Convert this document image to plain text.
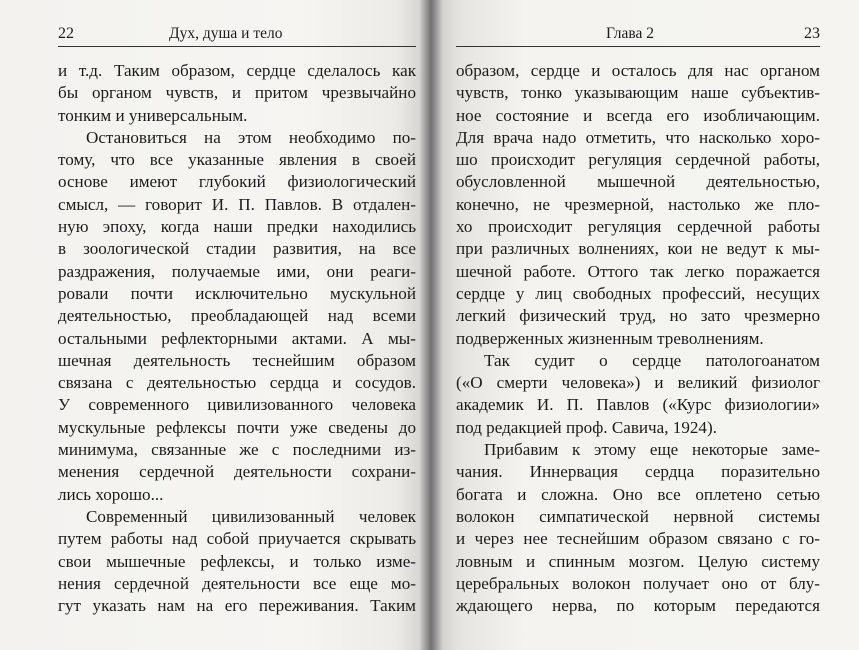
22	Дух, душа и тело
и т.д. Таким образом, сердце сделалось как
бы органом чувств, и притом чрезвычайно
тонким и универсальным.
Остановиться на этом необходимо по-
тому, что все указанные явления в своей
основе имеют глубокий физиологический
смысл, — говорит И. П. Павлов. В отдален-
ную эпоху, когда наши предки находились
в зоологической стадии развития, на все
раздражения, получаемые ими, они реаги-
ровали почти исключительно мускульной
деятельностью, преобладающей над всеми
остальными рефлекторными актами. А мы-
шечная деятельность теснейшим образом
связана с деятельностью сердца и сосудов.
У современного цивилизованного человека
мускульные рефлексы почти уже сведены до
минимума, связанные же с последними из-
менения сердечной деятельности сохрани-
лись хорошо...
Современный цивилизованный человек
путем работы над собой приучается скрывать
свои мышечные рефлексы, и только изме-
нения сердечной деятельности все еще мо-
гут указать нам на его переживания. Таким
Глава 2	23
образом, сердце и осталось для нас органом
чувств, тонко указывающим наше субъектив-
ное состояние и всегда его изобличающим.
Для врача надо отметить, что насколько хоро-
шо происходит регуляция сердечной работы,
обусловленной мышечной деятельностью,
конечно, не чрезмерной, настолько же пло-
хо происходит регуляция сердечной работы
при различных волнениях, кои не ведут к мы-
шечной работе. Оттого так легко поражается
сердце у лиц свободных профессий, несущих
легкий физический труд, но зато чрезмерно
подверженных жизненным треволнениям.
Так судит о сердце патологоанатом
(«О смерти человека») и великий физиолог
академик И. П. Павлов («Курс физиологии»
под редакцией проф. Савича, 1924).
Прибавим к этому еще некоторые заме-
чания. Иннервация сердца поразительно
богата и сложна. Оно все оплетено сетью
волокон симпатической нервной системы
и через нее теснейшим образом связано с го-
ловным и спинным мозгом. Целую систему
церебральных волокон получает оно от блу-
ждающего нерва, по которым передаются
